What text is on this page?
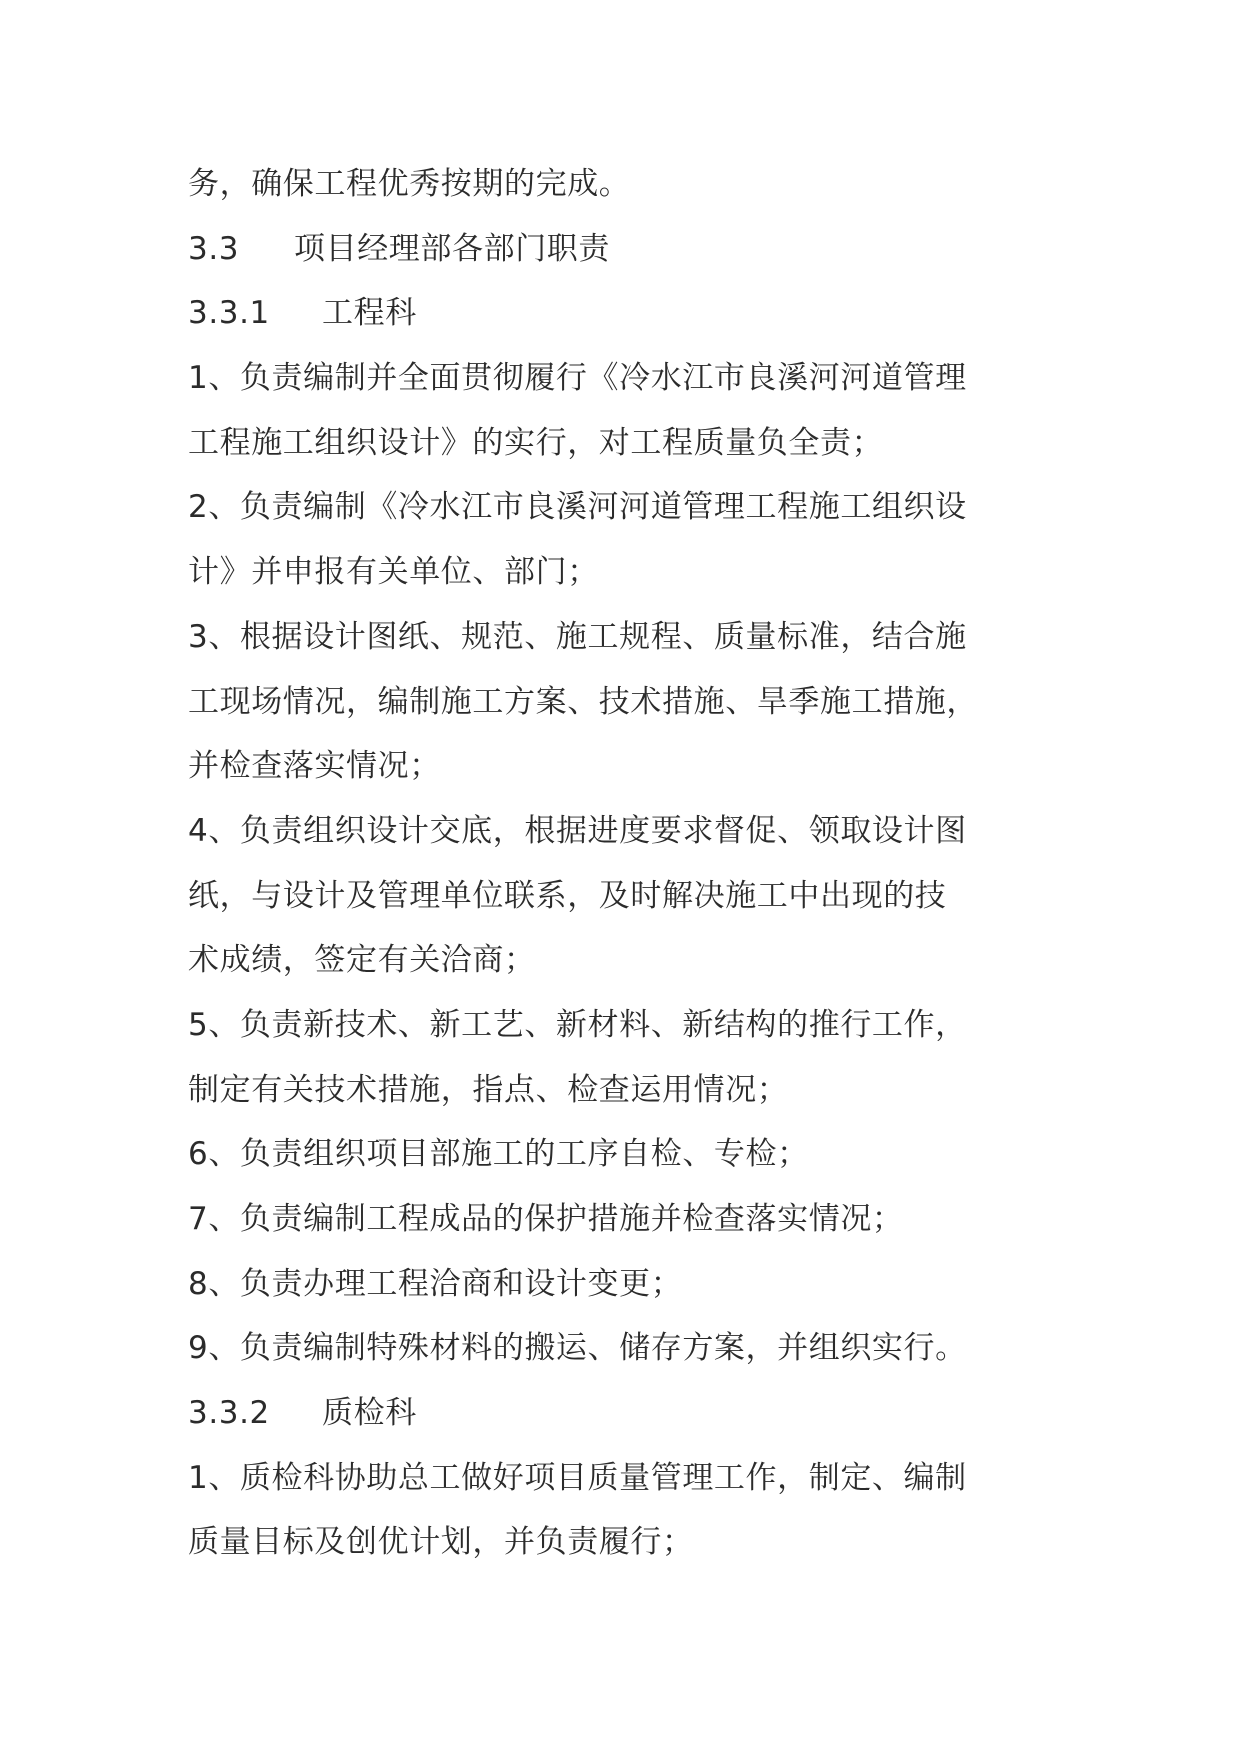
务，确保工程优秀按期的完成。
3.3	项目经理部各部门职责
3.3.1	工程科
1、负责编制并全面贯彻履行《冷水江市良溪河河道管理
工程施工组织设计》的实行，对工程质量负全责；
2、负责编制《冷水江市良溪河河道管理工程施工组织设
计》并申报有关单位、部门；
3、根据设计图纸、规范、施工规程、质量标准，结合施
工现场情况，编制施工方案、技术措施、旱季施工措施，
并检查落实情况；
4、负责组织设计交底，根据进度要求督促、领取设计图
纸，与设计及管理单位联系，及时解决施工中出现的技
术成绩，签定有关洽商；
5、负责新技术、新工艺、新材料、新结构的推行工作，
制定有关技术措施，指点、检查运用情况；
6、负责组织项目部施工的工序自检、专检；
7、负责编制工程成品的保护措施并检查落实情况；
8、负责办理工程洽商和设计变更；
9、负责编制特殊材料的搬运、储存方案，并组织实行。
3.3.2	质检科
1、质检科协助总工做好项目质量管理工作，制定、编制
质量目标及创优计划，并负责履行；
